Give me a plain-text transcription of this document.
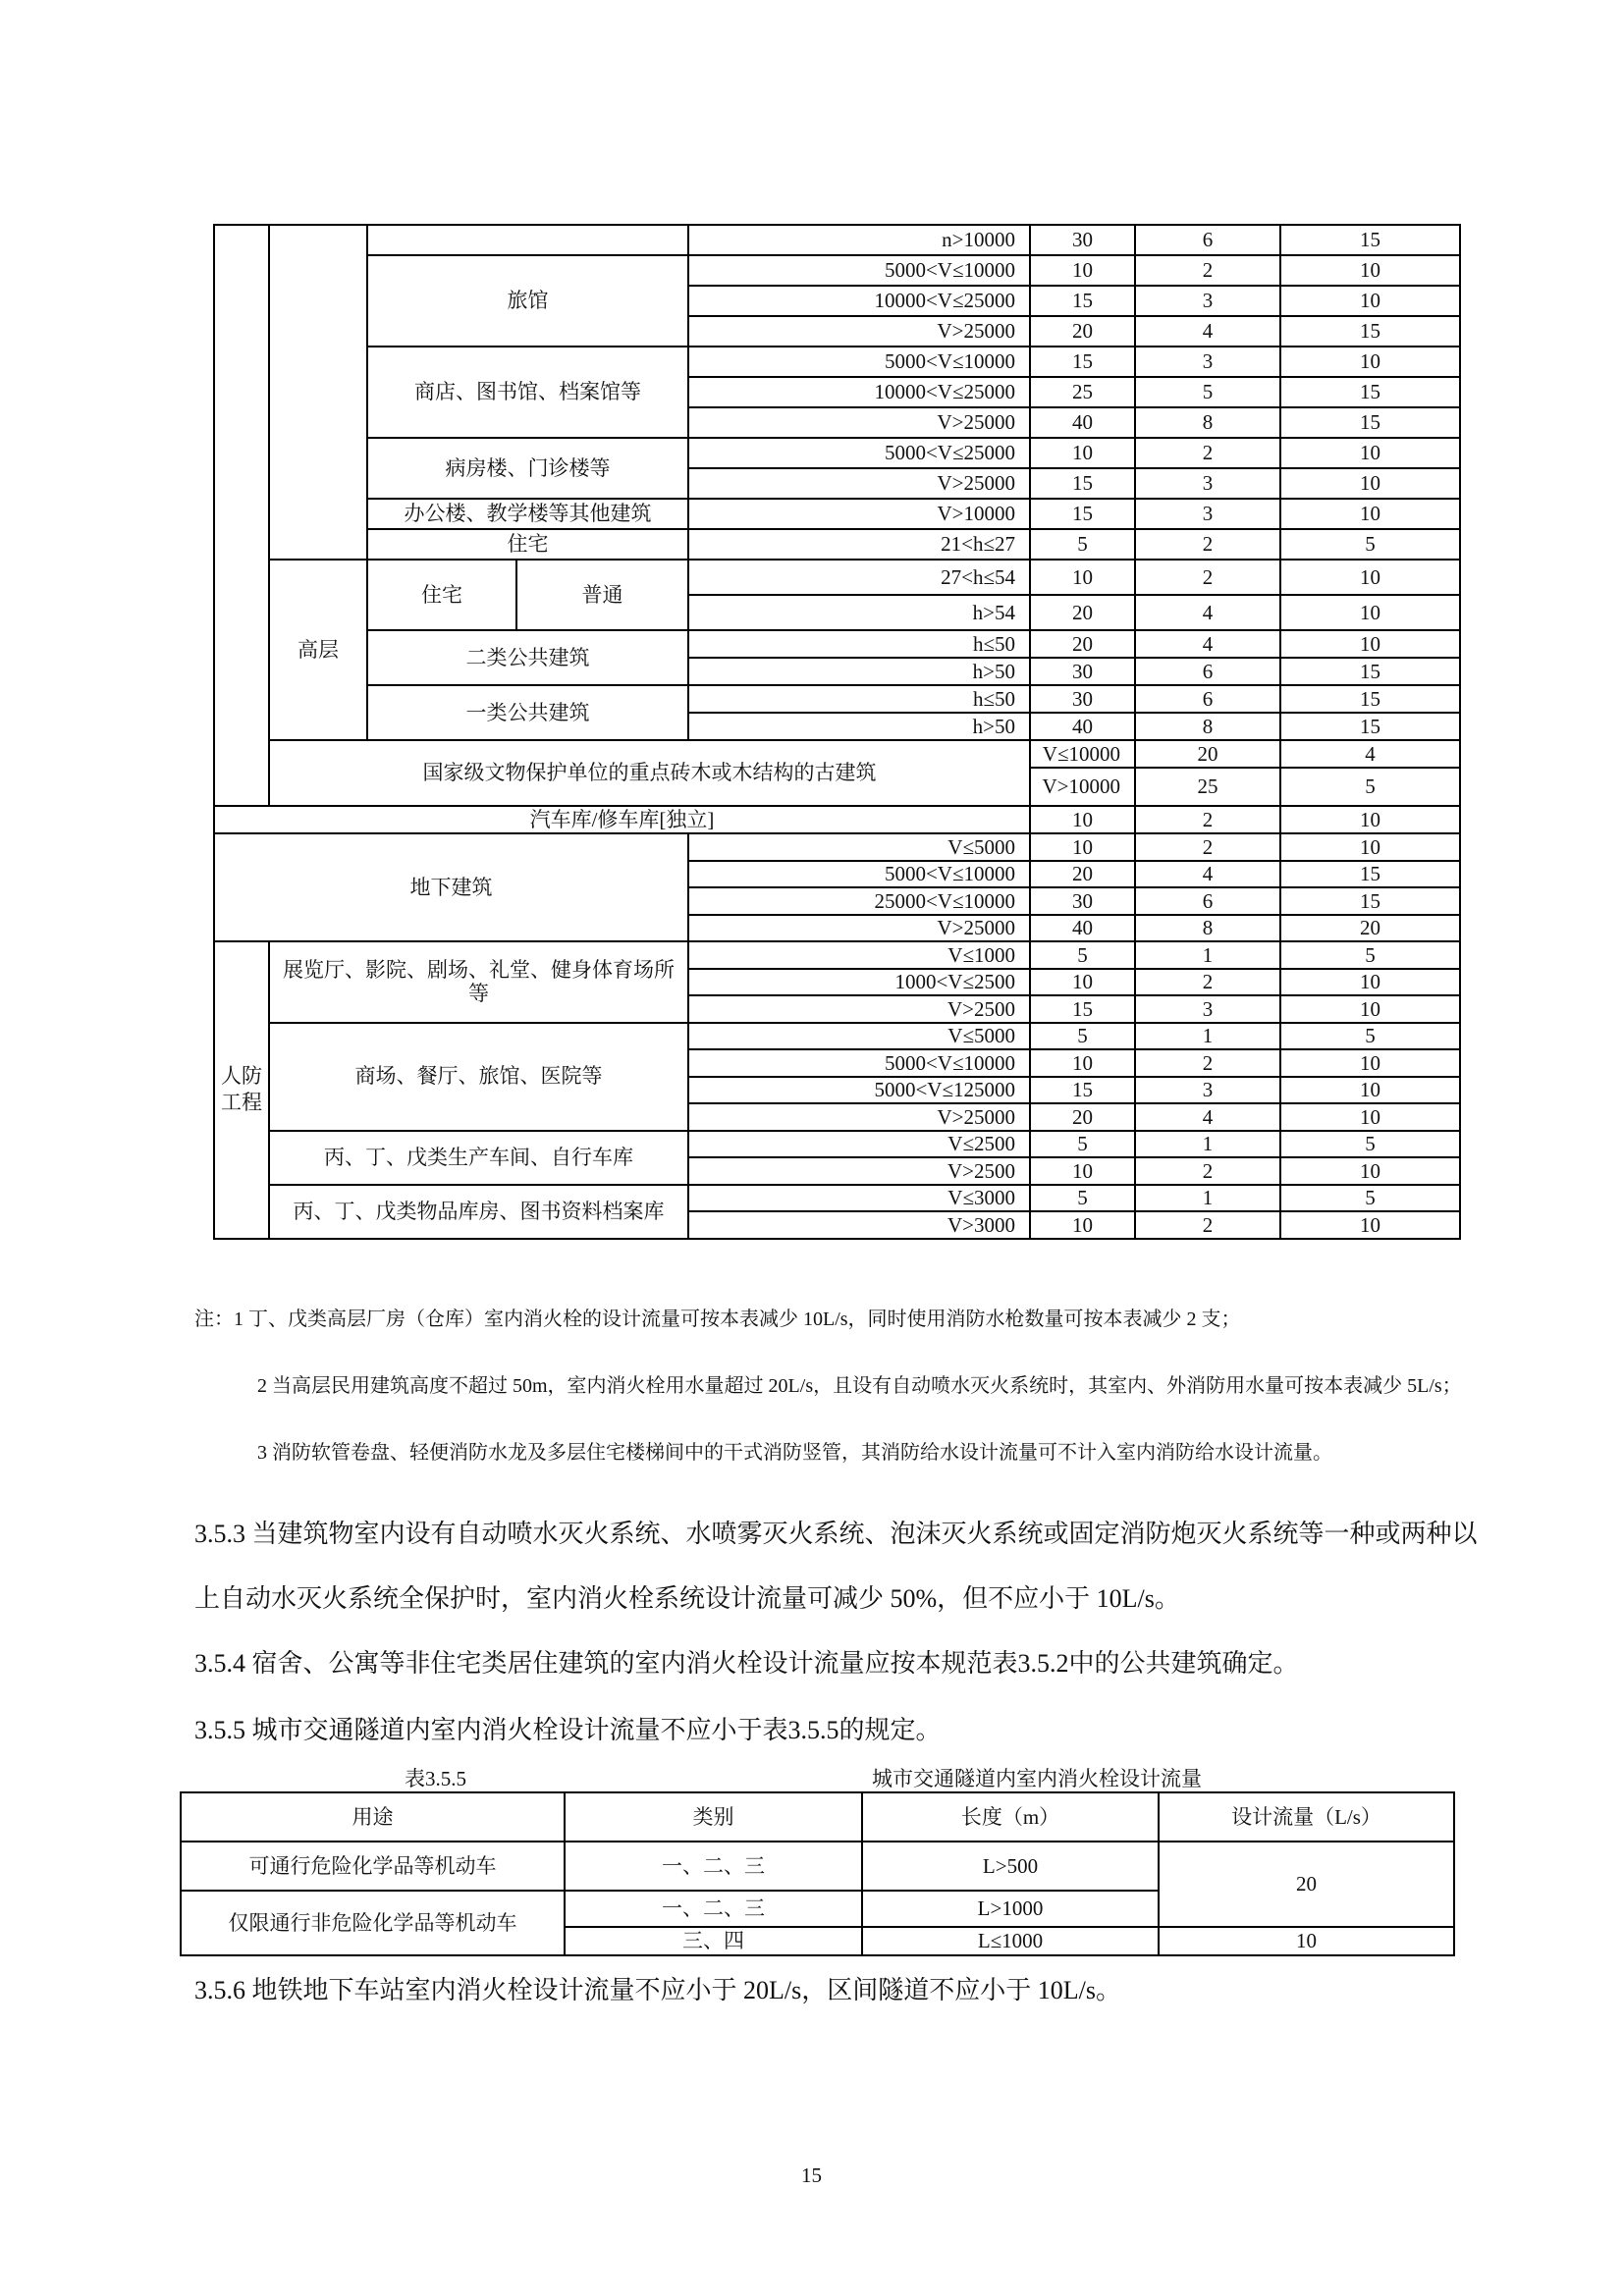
				n>10000	30	6	15	
		旅馆		5000<V≤10000	10	2	10	
				10000<V≤25000	15	3	10	
				V>25000	20	4	15	
		商店、图书馆、档案馆等		5000<V≤10000	15	3	10	
				10000<V≤25000	25	5	15	
				V>25000	40	8	15	
		病房楼、门诊楼等		5000<V≤25000	10	2	10	
				V>25000	15	3	10	
		办公楼、教学楼等其他建筑		V>10000	15	3	10	
		住宅		21<h≤27	5	2	5	
	高层	住宅	普通	27<h≤54	10	2	10	
				h>54	20	4	10	
		二类公共建筑		h≤50	20	4	10	
				h>50	30	6	15	
		一类公共建筑		h≤50	30	6	15	
				h>50	40	8	15	
	国家级文物保护单位的重点砖木或木结构的古建筑				V≤10000	20	4	
					V>10000	25	5	
汽车库/修车库[独立]					10	2	10	
地下建筑				V≤5000	10	2	10	
				5000<V≤10000	20	4	15	
				25000<V≤10000	30	6	15	
				V>25000	40	8	20	
人防工程	展览厅、影院、剧场、礼堂、健身体育场所等			V≤1000	5	1	5	
				1000<V≤2500	10	2	10	
				V>2500	15	3	10	
	商场、餐厅、旅馆、医院等			V≤5000	5	1	5	
				5000<V≤10000	10	2	10	
				5000<V≤125000	15	3	10	
				V>25000	20	4	10	
	丙、丁、戊类生产车间、自行车库			V≤2500	5	1	5	
				V>2500	10	2	10	
	丙、丁、戊类物品库房、图书资料档案库			V≤3000	5	1	5	
				V>3000	10	2	10	
注：1 丁、戊类高层厂房（仓库）室内消火栓的设计流量可按本表减少 10L/s，同时使用消防水枪数量可按本表减少 2 支；
2 当高层民用建筑高度不超过 50m，室内消火栓用水量超过 20L/s，且设有自动喷水灭火系统时，其室内、外消防用水量可按本表减少 5L/s；
3 消防软管卷盘、轻便消防水龙及多层住宅楼梯间中的干式消防竖管，其消防给水设计流量可不计入室内消防给水设计流量。
3.5.3 当建筑物室内设有自动喷水灭火系统、水喷雾灭火系统、泡沫灭火系统或固定消防炮灭火系统等一种或两种以上自动水灭火系统全保护时，室内消火栓系统设计流量可减少 50%，但不应小于 10L/s。
3.5.4 宿舍、公寓等非住宅类居住建筑的室内消火栓设计流量应按本规范表3.5.2中的公共建筑确定。
3.5.5 城市交通隧道内室内消火栓设计流量不应小于表3.5.5的规定。
表3.5.5	城市交通隧道内室内消火栓设计流量
用途	类别	长度（m）	设计流量（L/s）
可通行危险化学品等机动车	一、二、三	L>500	20
仅限通行非危险化学品等机动车	一、二、三	L>1000	
	三、四	L≤1000	10
3.5.6 地铁地下车站室内消火栓设计流量不应小于 20L/s，区间隧道不应小于 10L/s。
15
